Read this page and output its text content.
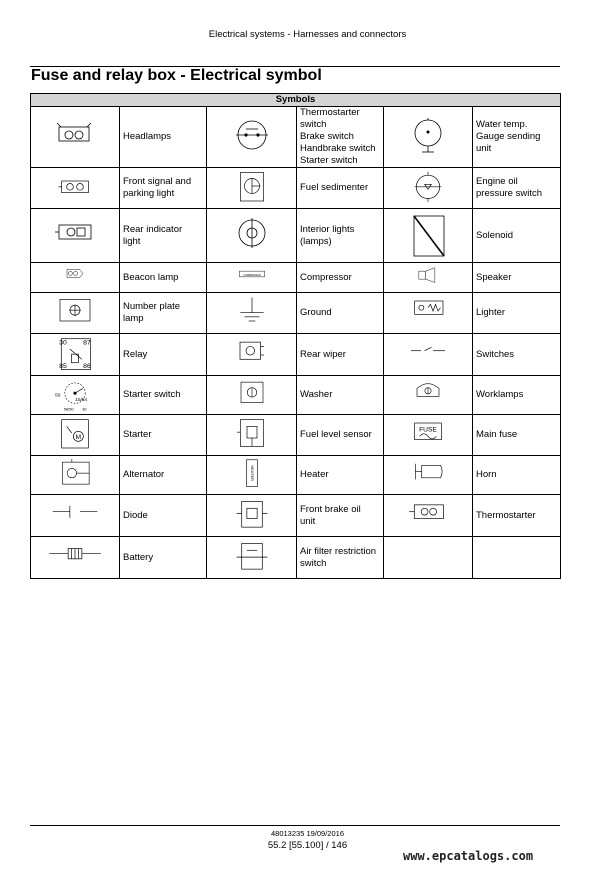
Electrical systems - Harnesses and connectors
Fuse and relay box - Electrical symbol
Symbols					

Headlamps		Thermostarter
switch
Brake switch
Handbrake switch
Starter switch		Water temp.
Gauge sending
unit

Front signal and
parking light		Fuel sedimenter		Engine oil
pressure switch

Rear indicator
light		Interior lights
(lamps)		Solenoid

Beacon lamp	COMPRESSOR	Compressor		Speaker

Number plate
lamp		Ground		Lighter

30 87
85 86	Relay		Rear wiper		Switches

50
15/54
58/50 30	Starter switch		Washer		Worklamps

M	Starter		Fuel level sensor	FUSE	Main fuse

Alternator	HEATER	Heater		Horn

Diode		Front brake oil
unit		Thermostarter

Battery		Air filter restriction
switch		

48013235 19/09/2016
55.2 [55.100] / 146
www.epcatalogs.com
